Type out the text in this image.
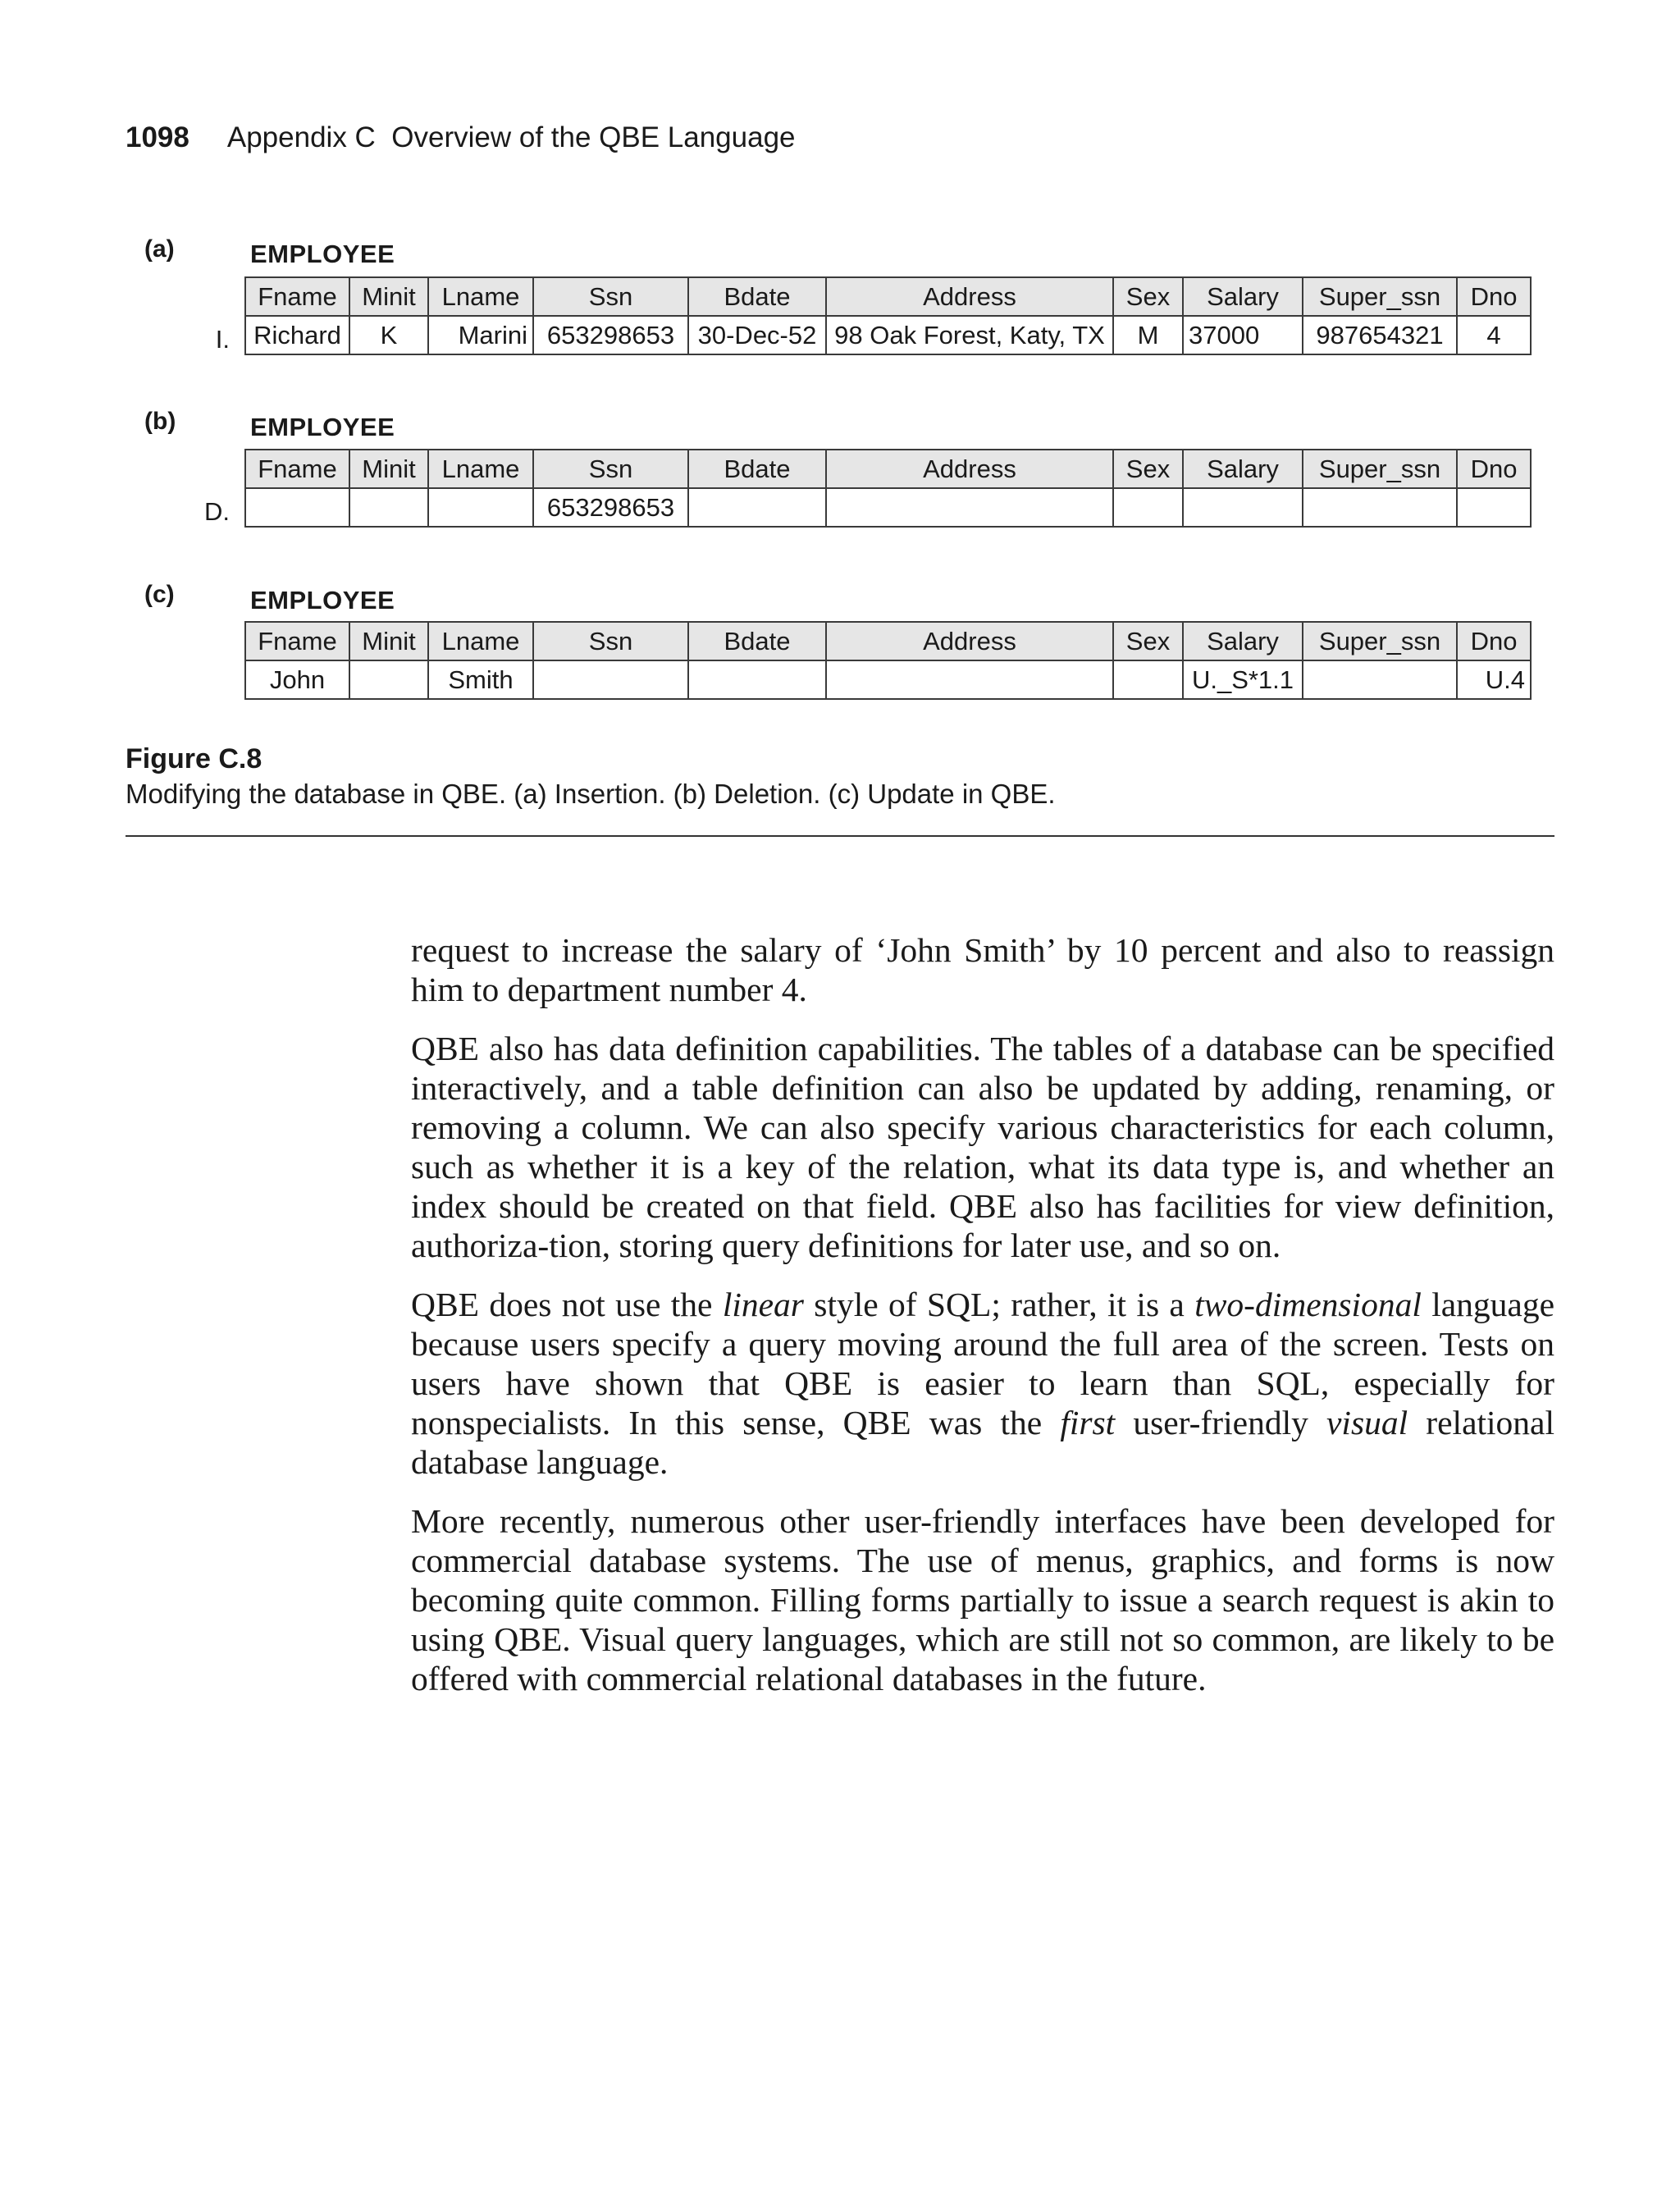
1098 Appendix C  Overview of the QBE Language
(a)	EMPLOYEE
I.
Fname	Minit	Lname	Ssn	Bdate	Address	Sex	Salary	Super_ssn	Dno
Richard	K	Marini	653298653	30-Dec-52	98 Oak Forest, Katy, TX	M	37000	987654321	4
(b)	EMPLOYEE
D.
Fname	Minit	Lname	Ssn	Bdate	Address	Sex	Salary	Super_ssn	Dno
			653298653						
(c)	EMPLOYEE
Fname	Minit	Lname	Ssn	Bdate	Address	Sex	Salary	Super_ssn	Dno
John		Smith					U._S*1.1		U.4
Figure C.8
Modifying the database in QBE. (a) Insertion. (b) Deletion. (c) Update in QBE.

request to increase the salary of ‘John Smith’ by 10 percent and also to reassign him to department number 4.

QBE also has data definition capabilities. The tables of a database can be specified interactively, and a table definition can also be updated by adding, renaming, or removing a column. We can also specify various characteristics for each column, such as whether it is a key of the relation, what its data type is, and whether an index should be created on that field. QBE also has facilities for view definition, authoriza-tion, storing query definitions for later use, and so on.

QBE does not use the linear style of SQL; rather, it is a two-dimensional language because users specify a query moving around the full area of the screen. Tests on users have shown that QBE is easier to learn than SQL, especially for nonspecialists. In this sense, QBE was the first user-friendly visual relational database language.

More recently, numerous other user-friendly interfaces have been developed for commercial database systems. The use of menus, graphics, and forms is now becoming quite common. Filling forms partially to issue a search request is akin to using QBE. Visual query languages, which are still not so common, are likely to be offered with commercial relational databases in the future.
